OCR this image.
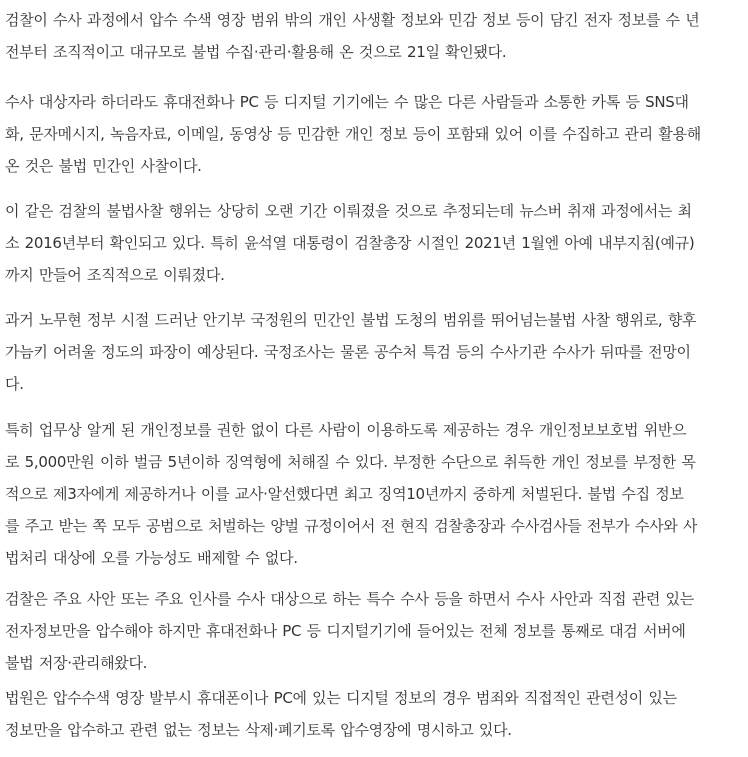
검찰이 수사 과정에서 압수 수색 영장 범위 밖의 개인 사생활 정보와 민감 정보 등이 담긴 전자 정보를 수 년
전부터 조직적이고 대규모로 불법 수집·관리·활용해 온 것으로 21일 확인됐다.

수사 대상자라 하더라도 휴대전화나 PC 등 디지털 기기에는 수 많은 다른 사람들과 소통한 카톡 등 SNS대
화, 문자메시지, 녹음자료, 이메일, 동영상 등 민감한 개인 정보 등이 포함돼 있어 이를 수집하고 관리 활용해
온 것은 불법 민간인 사찰이다.

이 같은 검찰의 불법사찰 행위는 상당히 오랜 기간 이뤄졌을 것으로 추정되는데 뉴스버 취재 과정에서는 최
소 2016년부터 확인되고 있다. 특히 윤석열 대통령이 검찰총장 시절인 2021년 1월엔 아예 내부지침(예규)
까지 만들어 조직적으로 이뤄졌다.

과거 노무현 정부 시절 드러난 안기부 국정원의 민간인 불법 도청의 범위를 뛰어넘는불법 사찰 행위로, 향후
가늠키 어려울 정도의 파장이 예상된다. 국정조사는 물론 공수처 특검 등의 수사기관 수사가 뒤따를 전망이
다.

특히 업무상 알게 된 개인정보를 권한 없이 다른 사람이 이용하도록 제공하는 경우 개인정보보호법 위반으
로 5,000만원 이하 벌금 5년이하 징역형에 처해질 수 있다. 부정한 수단으로 취득한 개인 정보를 부정한 목
적으로 제3자에게 제공하거나 이를 교사·알선했다면 최고 징역10년까지 중하게 처벌된다. 불법 수집 정보
를 주고 받는 쪽 모두 공범으로 처벌하는 양벌 규정이어서 전 현직 검찰총장과 수사검사들 전부가 수사와 사
법처리 대상에 오를 가능성도 배제할 수 없다.

검찰은 주요 사안 또는 주요 인사를 수사 대상으로 하는 특수 수사 등을 하면서 수사 사안과 직접 관련 있는
전자정보만을 압수해야 하지만 휴대전화나 PC 등 디지털기기에 들어있는 전체 정보를 통째로 대검 서버에
불법 저장·관리해왔다.

법원은 압수수색 영장 발부시 휴대폰이나 PC에 있는 디지털 정보의 경우 범죄와 직접적인 관련성이 있는
정보만을 압수하고 관련 없는 정보는 삭제·폐기토록 압수영장에 명시하고 있다.
